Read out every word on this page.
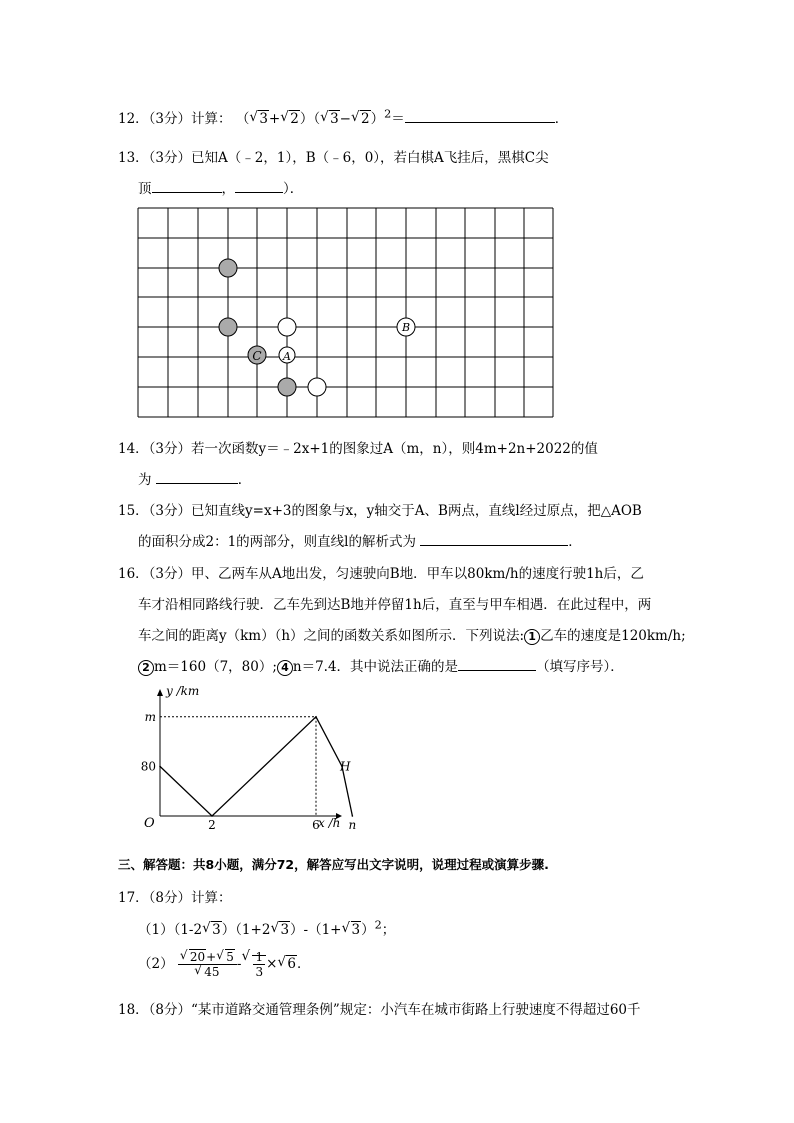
12．（3分）计算： （ √ 3+ √ 2）（ √ 3− √ 2）$^2$＝	．
13．（3分）已知A（﹣2，1），B（﹣6，0），若白棋A飞挂后，黑棋C尖
顶	，	）．
C A
B
14．（3分）若一次函数y＝﹣2x+1的图象过A（m，n），则4m+2n+2022的值
为	．
15．（3分）已知直线y=x+3的图象与x，y轴交于A、B两点，直线l经过原点，把△AOB
的面积分成2：1的两部分，则直线l的解析式为	．
16．（3分）甲、乙两车从A地出发，匀速驶向B地．甲车以80km/h的速度行驶1h后，乙
车才沿相同路线行驶．乙车先到达B地并停留1h后，直至与甲车相遇．在此过程中，两
车之间的距离y（km）（h）之间的函数关系如图所示．下列说法: 1 乙车的速度是120km/h;
2 m＝160（7，80）; 4 n＝7.4．其中说法正确的是	（填写序号）．
y /km
x /h
O	2	6 n
80
m
H
三、解答题：共8小题，满分72，解答应写出文字说明，说理过程或演算步骤.
17．（8分）计算：
（1）（1-2 √ 3）（1+2 √ 3）-（1+ √ 3）$^2$；
（2） √ 20+ √ 5
√ 45 - √ $\frac{1}{3}$ × √ 6．
18．（8分）“某市道路交通管理条例”规定：小汽车在城市街路上行驶速度不得超过60千
